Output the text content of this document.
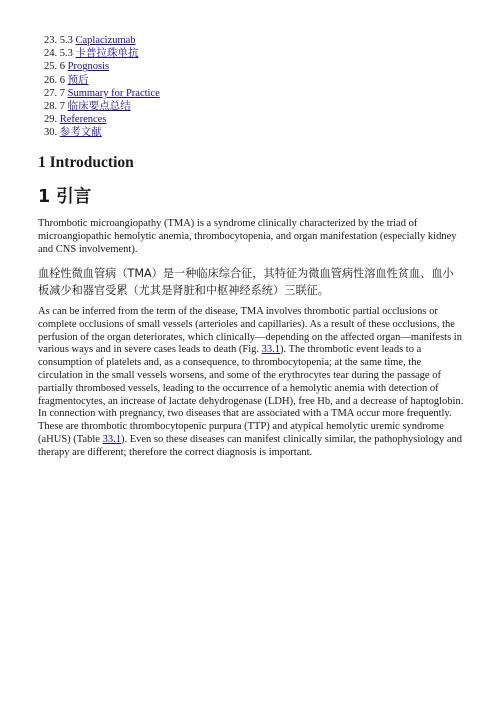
23. 5.3 Caplacizumab
24. 5.3 卡普拉珠单抗
25. 6 Prognosis
26. 6 预后
27. 7 Summary for Practice
28. 7 临床要点总结
29. References
30. 参考文献
1 Introduction
1 引言

Thrombotic microangiopathy (TMA) is a syndrome clinically characterized by the triad of microangiopathic hemolytic anemia, thrombocytopenia, and organ manifestation (especially kidney and CNS involvement).

血栓性微血管病（TMA）是一种临床综合征，其特征为微血管病性溶血性贫血、血小板减少和器官受累（尤其是肾脏和中枢神经系统）三联征。

As can be inferred from the term of the disease, TMA involves thrombotic partial occlusions or complete occlusions of small vessels (arterioles and capillaries). As a result of these occlusions, the perfusion of the organ deteriorates, which clinically—depending on the affected organ—manifests in various ways and in severe cases leads to death (Fig. 33.1). The thrombotic event leads to a consumption of platelets and, as a consequence, to thrombocytopenia; at the same time, the circulation in the small vessels worsens, and some of the erythrocytes tear during the passage of partially thrombosed vessels, leading to the occurrence of a hemolytic anemia with detection of fragmentocytes, an increase of lactate dehydrogenase (LDH), free Hb, and a decrease of haptoglobin. In connection with pregnancy, two diseases that are associated with a TMA occur more frequently. These are thrombotic thrombocytopenic purpura (TTP) and atypical hemolytic uremic syndrome (aHUS) (Table 33.1). Even so these diseases can manifest clinically similar, the pathophysiology and therapy are different; therefore the correct diagnosis is important.
